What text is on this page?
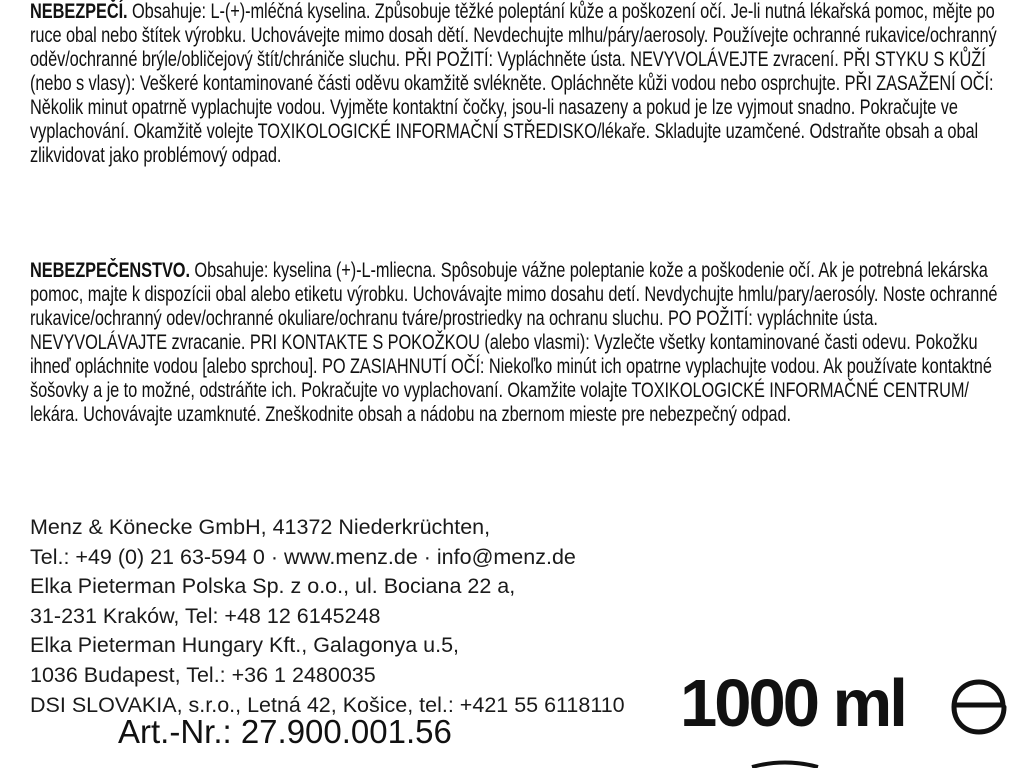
NEBEZPEČÍ. Obsahuje: L-(+)-mléčná kyselina. Způsobuje těžké poleptání kůže a poškození očí. Je-li nutná lékařská pomoc, mějte po ruce obal nebo štítek výrobku. Uchovávejte mimo dosah dětí. Nevdechujte mlhu/páry/aerosoly. Používejte ochranné rukavice/ochranný oděv/ochranné brýle/obličejový štít/chrániče sluchu. PŘI POŽITÍ: Vypláchněte ústa. NEVYVOLÁVEJTE zvracení. PŘI STYKU S KŮŽÍ (nebo s vlasy): Veškeré kontaminované části oděvu okamžitě svlékněte. Opláchněte kůži vodou nebo osprchujte. PŘI ZASAŽENÍ OČÍ: Několik minut opatrně vyplachujte vodou. Vyjměte kontaktní čočky, jsou-li nasazeny a pokud je lze vyjmout snadno. Pokračujte ve vyplachování. Okamžitě volejte TOXIKOLOGICKÉ INFORMAČNÍ STŘEDISKO/lékaře. Skladujte uzamčené. Odstraňte obsah a obal zlikvidovat jako problémový odpad.
NEBEZPEČENSTVO. Obsahuje: kyselina (+)-L-mliecna. Spôsobuje vážne poleptanie kože a poškodenie očí. Ak je potrebná lekárska pomoc, majte k dispozícii obal alebo etiketu výrobku. Uchovávajte mimo dosahu detí. Nevdychujte hmlu/pary/aerosóly. Noste ochranné rukavice/ochranný odev/ochranné okuliare/ochranu tváre/prostriedky na ochranu sluchu. PO POŽITÍ: vypláchnite ústa. NEVYVOLÁVAJTE zvracanie. PRI KONTAKTE S POKOŽKOU (alebo vlasmi): Vyzlečte všetky kontaminované časti odevu. Pokožku ihneď opláchnite vodou [alebo sprchou]. PO ZASIAHNUTÍ OČÍ: Niekoľko minút ich opatrne vyplachujte vodou. Ak používate kontaktné šošovky a je to možné, odstráňte ich. Pokračujte vo vyplachovaní. Okamžite volajte TOXIKOLOGICKÉ INFORMAČNÉ CENTRUM/ lekára. Uchovávajte uzamknuté. Zneškodnite obsah a nádobu na zbernom mieste pre nebezpečný odpad.
Menz & Könecke GmbH, 41372 Niederkrüchten,
Tel.: +49 (0) 21 63-594 0 · www.menz.de · info@menz.de
Elka Pieterman Polska Sp. z o.o., ul. Bociana 22 a,
31-231 Kraków, Tel: +48 12 6145248
Elka Pieterman Hungary Kft., Galagonya u.5,
1036 Budapest, Tel.: +36 1 2480035
DSI SLOVAKIA, s.r.o., Letná 42, Košice, tel.: +421 55 6118110
Art.-Nr.: 27.900.001.56	1000 ml
